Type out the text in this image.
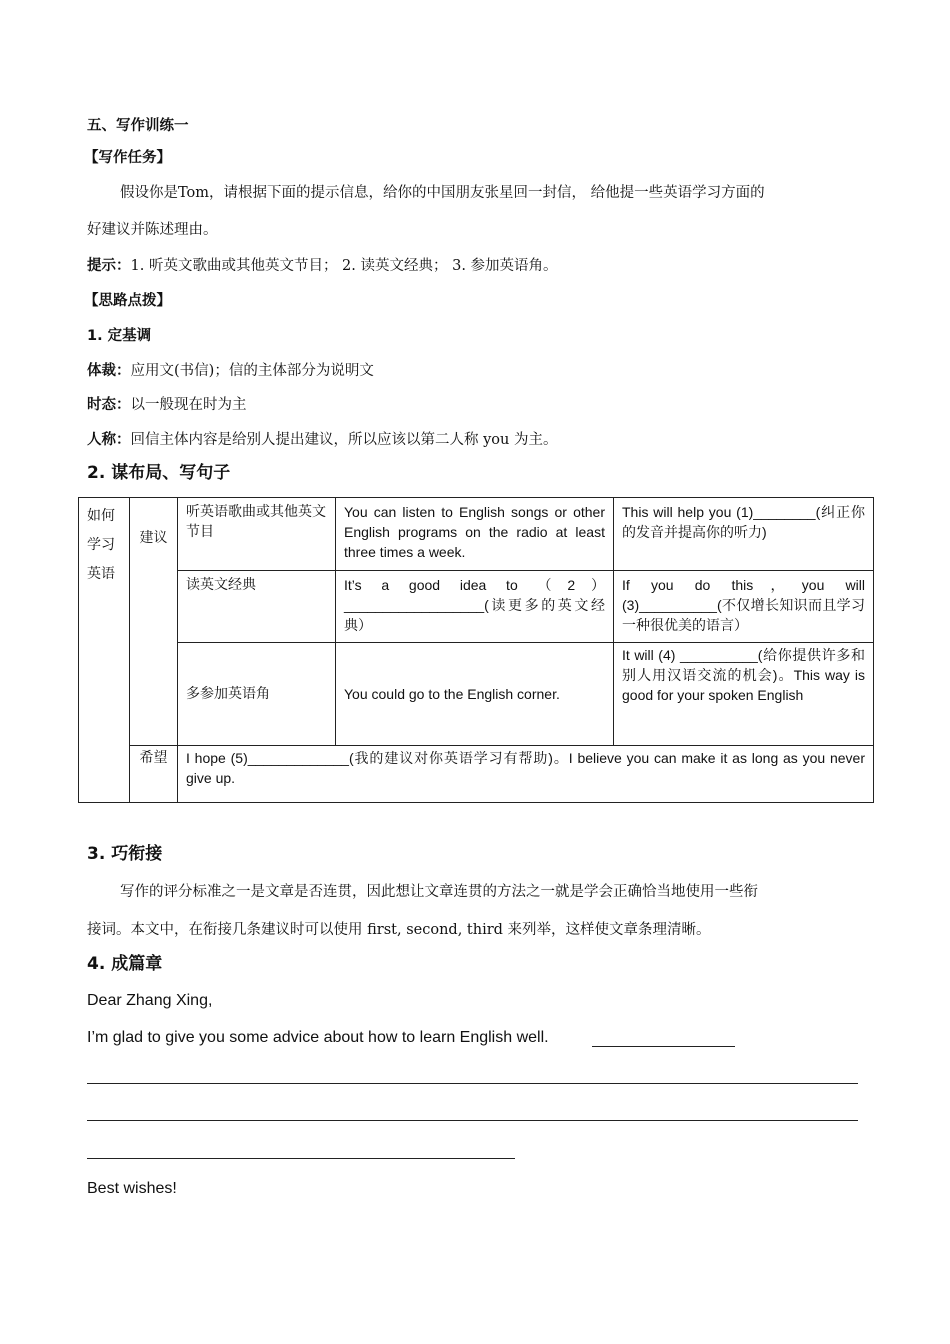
五、写作训练一
【写作任务】
假设你是Tom，请根据下面的提示信息，给你的中国朋友张星回一封信， 给他提一些英语学习方面的
好建议并陈述理由。
提示：1. 听英文歌曲或其他英文节目； 2. 读英文经典； 3. 参加英语角。
【思路点拨】
1. 定基调
体裁：应用文(书信)；信的主体部分为说明文
时态：以一般现在时为主
人称：回信主体内容是给别人提出建议，所以应该以第二人称 you 为主。
2. 谋布局、写句子
如何学习英语	建议	听英语歌曲或其他英文节目	You can listen to English songs or other English programs on the radio at least three times a week.	This will help you (1)________(纠正你的发音并提高你的听力)
		读英文经典	It’s a good idea to （2）__________________(读更多的英文经典）	If you do this，you will (3)__________(不仅增长知识而且学习一种很优美的语言）
		多参加英语角	You could go to the English corner.	It will (4) __________(给你提供许多和别人用汉语交流的机会)。This way is good for your spoken English
	希望	I hope (5)_____________(我的建议对你英语学习有帮助)。I believe you can make it as long as you never give up.		
3. 巧衔接
写作的评分标准之一是文章是否连贯，因此想让文章连贯的方法之一就是学会正确恰当地使用一些衔
接词。本文中，在衔接几条建议时可以使用 first, second, third 来列举，这样使文章条理清晰。
4. 成篇章
Dear Zhang Xing,
I’m glad to give you some advice about how to learn English well.
Best wishes!
